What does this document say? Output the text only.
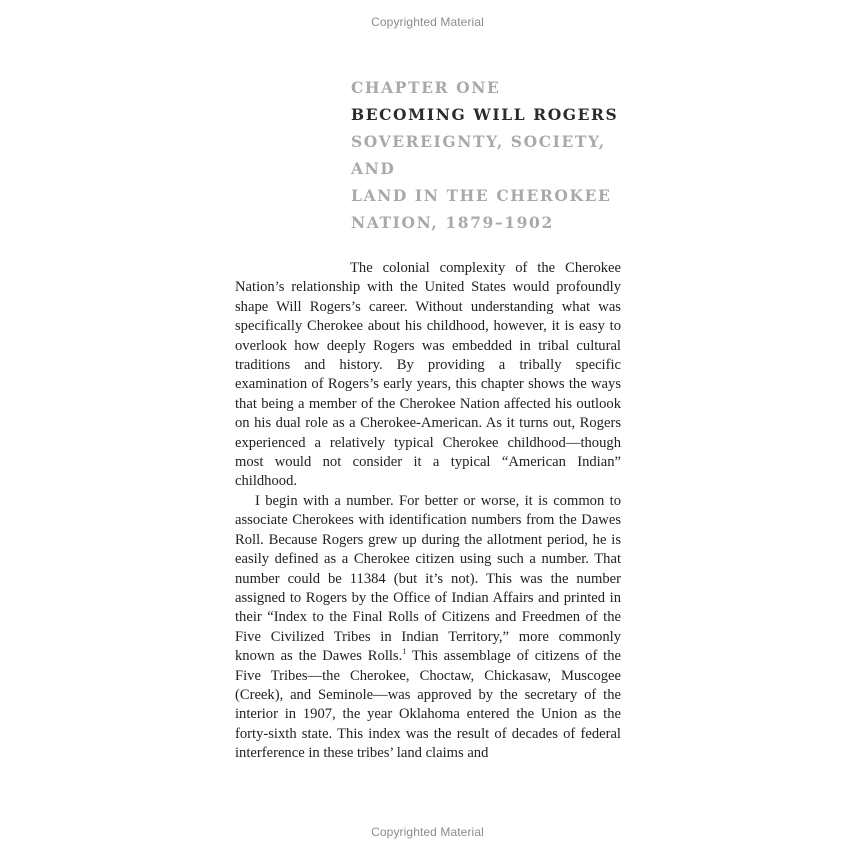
Copyrighted Material
CHAPTER ONE
BECOMING WILL ROGERS
SOVEREIGNTY, SOCIETY, AND
LAND IN THE CHEROKEE
NATION, 1879–1902

The colonial complexity of the Cherokee Nation’s relationship with the United States would profoundly shape Will Rogers’s career. Without understanding what was specifically Cherokee about his childhood, however, it is easy to overlook how deeply Rogers was embedded in tribal cultural traditions and history. By providing a tribally specific examination of Rogers’s early years, this chapter shows the ways that being a member of the Cherokee Nation affected his outlook on his dual role as a Cherokee-American. As it turns out, Rogers experienced a relatively typical Cherokee childhood—though most would not consider it a typical “American Indian” childhood.

I begin with a number. For better or worse, it is common to associate Cherokees with identification numbers from the Dawes Roll. Because Rogers grew up during the allotment period, he is easily defined as a Cherokee citizen using such a number. That number could be 11384 (but it’s not). This was the number assigned to Rogers by the Office of Indian Affairs and printed in their “Index to the Final Rolls of Citizens and Freedmen of the Five Civilized Tribes in Indian Territory,” more commonly known as the Dawes Rolls.$^1$ This assemblage of citizens of the Five Tribes—the Cherokee, Choctaw, Chickasaw, Muscogee (Creek), and Seminole—was approved by the secretary of the interior in 1907, the year Oklahoma entered the Union as the forty-sixth state. This index was the result of decades of federal interference in these tribes’ land claims and

Copyrighted Material
